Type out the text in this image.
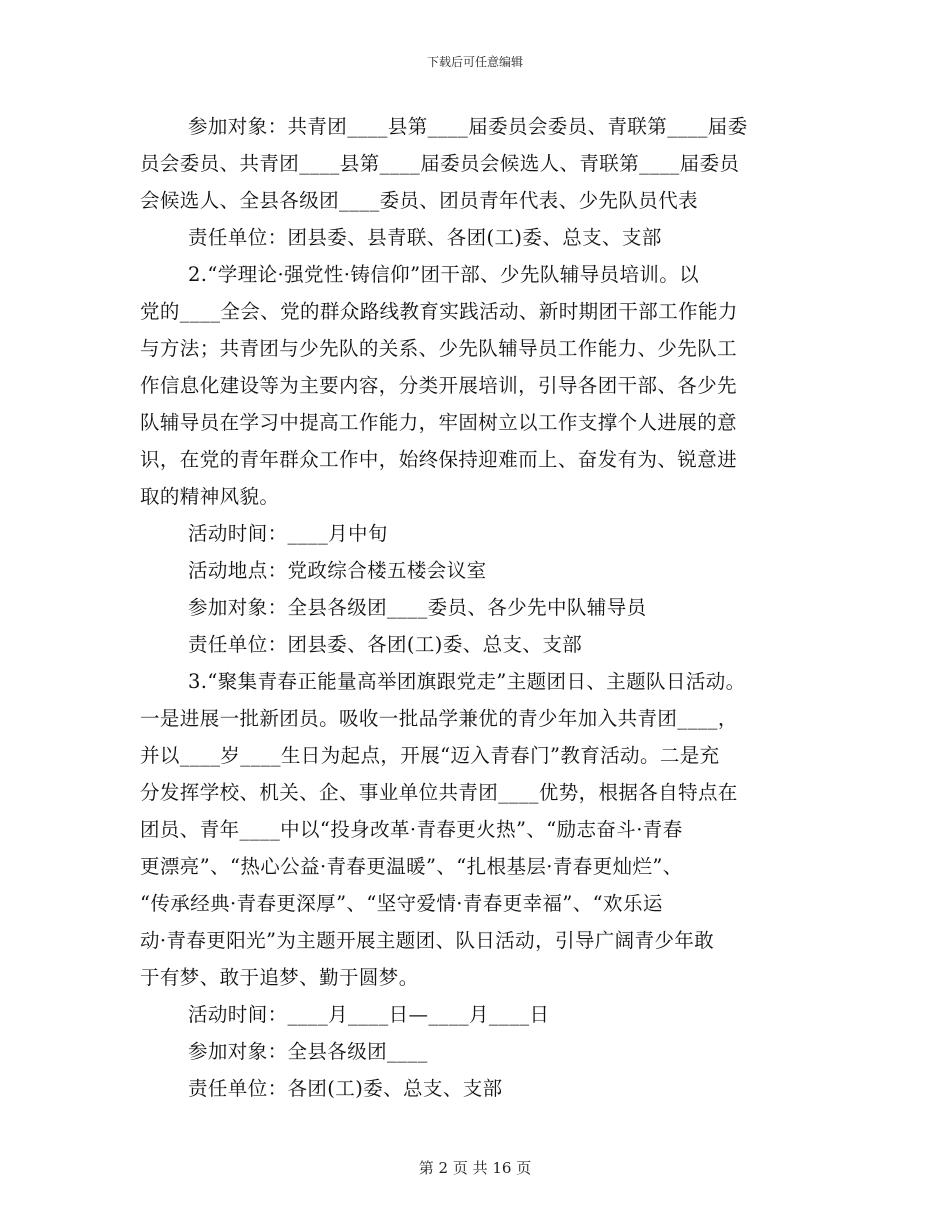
下载后可任意编辑
参加对象：共青团____县第____届委员会委员、青联第____届委
员会委员、共青团____县第____届委员会候选人、青联第____届委员
会候选人、全县各级团____委员、团员青年代表、少先队员代表
责任单位：团县委、县青联、各团(工)委、总支、支部
2.“学理论·强党性·铸信仰”团干部、少先队辅导员培训。以
党的____全会、党的群众路线教育实践活动、新时期团干部工作能力
与方法；共青团与少先队的关系、少先队辅导员工作能力、少先队工
作信息化建设等为主要内容，分类开展培训，引导各团干部、各少先
队辅导员在学习中提高工作能力，牢固树立以工作支撑个人进展的意
识，在党的青年群众工作中，始终保持迎难而上、奋发有为、锐意进
取的精神风貌。
活动时间：____月中旬
活动地点：党政综合楼五楼会议室
参加对象：全县各级团____委员、各少先中队辅导员
责任单位：团县委、各团(工)委、总支、支部
3.“聚集青春正能量高举团旗跟党走”主题团日、主题队日活动。
一是进展一批新团员。吸收一批品学兼优的青少年加入共青团____，
并以____岁____生日为起点，开展“迈入青春门”教育活动。二是充
分发挥学校、机关、企、事业单位共青团____优势，根据各自特点在
团员、青年____中以“投身改革·青春更火热”、“励志奋斗·青春
更漂亮”、“热心公益·青春更温暖”、“扎根基层·青春更灿烂”、
“传承经典·青春更深厚”、“坚守爱情·青春更幸福”、“欢乐运
动·青春更阳光”为主题开展主题团、队日活动，引导广阔青少年敢
于有梦、敢于追梦、勤于圆梦。
活动时间：____月____日—____月____日
参加对象：全县各级团____
责任单位：各团(工)委、总支、支部
第 2 页 共 16 页
